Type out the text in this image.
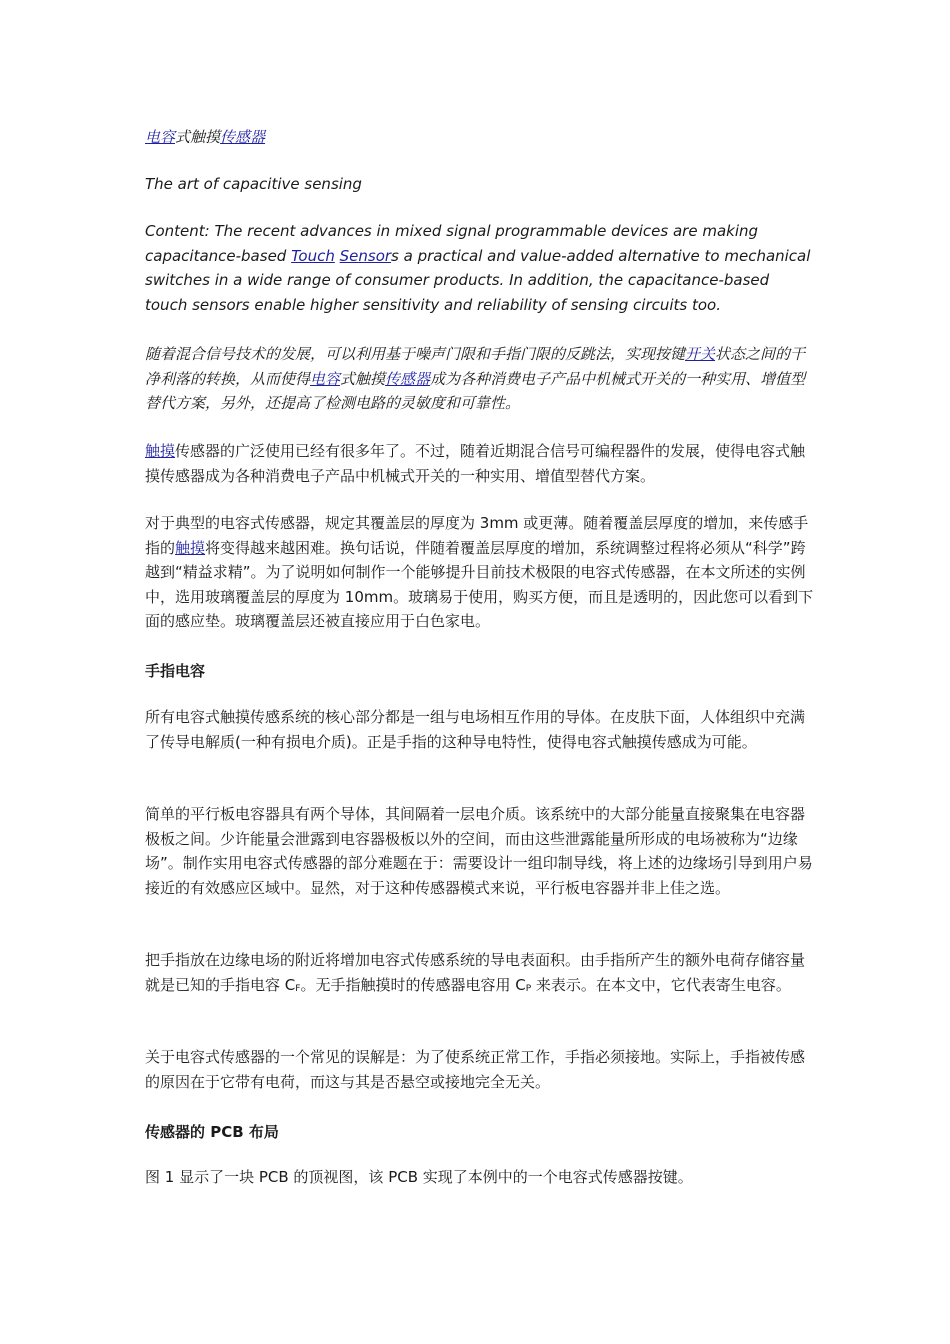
电容式触摸传感器

The art of capacitive sensing

Content: The recent advances in mixed signal programmable devices are making capacitance-based Touch Sensors a practical and value-added alternative to mechanical switches in a wide range of consumer products. In addition, the capacitance-based touch sensors enable higher sensitivity and reliability of sensing circuits too.

随着混合信号技术的发展，可以利用基于噪声门限和手指门限的反跳法，实现按键开关状态之间的干净利落的转换，从而使得电容式触摸传感器成为各种消费电子产品中机械式开关的一种实用、增值型替代方案，另外，还提高了检测电路的灵敏度和可靠性。

触摸传感器的广泛使用已经有很多年了。不过，随着近期混合信号可编程器件的发展，使得电容式触摸传感器成为各种消费电子产品中机械式开关的一种实用、增值型替代方案。

对于典型的电容式传感器，规定其覆盖层的厚度为 3mm 或更薄。随着覆盖层厚度的增加，来传感手指的触摸将变得越来越困难。换句话说，伴随着覆盖层厚度的增加，系统调整过程将必须从“科学”跨越到“精益求精”。为了说明如何制作一个能够提升目前技术极限的电容式传感器，在本文所述的实例中，选用玻璃覆盖层的厚度为 10mm。玻璃易于使用，购买方便，而且是透明的，因此您可以看到下面的感应垫。玻璃覆盖层还被直接应用于白色家电。

手指电容

所有电容式触摸传感系统的核心部分都是一组与电场相互作用的导体。在皮肤下面，人体组织中充满了传导电解质(一种有损电介质)。正是手指的这种导电特性，使得电容式触摸传感成为可能。

简单的平行板电容器具有两个导体，其间隔着一层电介质。该系统中的大部分能量直接聚集在电容器极板之间。少许能量会泄露到电容器极板以外的空间，而由这些泄露能量所形成的电场被称为“边缘场”。制作实用电容式传感器的部分难题在于：需要设计一组印制导线，将上述的边缘场引导到用户易接近的有效感应区域中。显然，对于这种传感器模式来说，平行板电容器并非上佳之选。

把手指放在边缘电场的附近将增加电容式传感系统的导电表面积。由手指所产生的额外电荷存储容量就是已知的手指电容 CF。无手指触摸时的传感器电容用 CP 来表示。在本文中，它代表寄生电容。

关于电容式传感器的一个常见的误解是：为了使系统正常工作，手指必须接地。实际上，手指被传感的原因在于它带有电荷，而这与其是否悬空或接地完全无关。

传感器的 PCB 布局

图 1 显示了一块 PCB 的顶视图，该 PCB 实现了本例中的一个电容式传感器按键。
